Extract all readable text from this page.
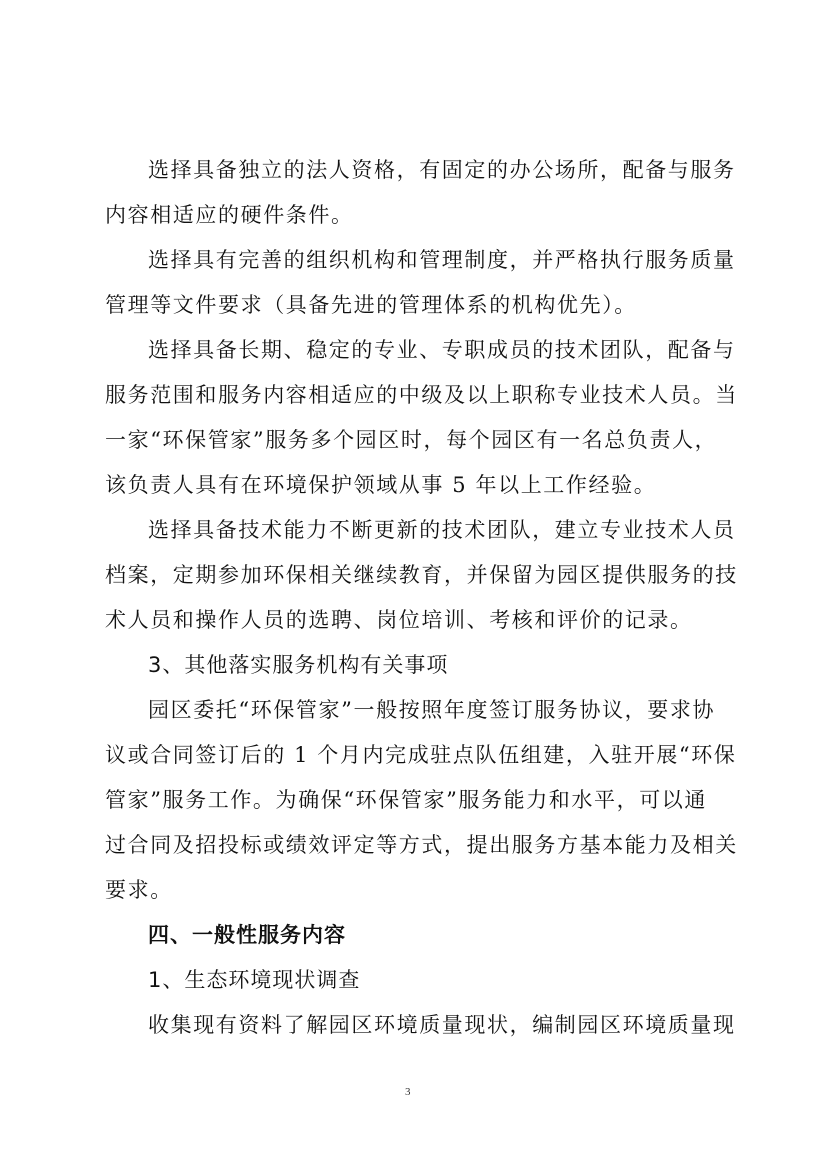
选择具备独立的法人资格，有固定的办公场所，配备与服务
内容相适应的硬件条件。
选择具有完善的组织机构和管理制度，并严格执行服务质量
管理等文件要求（具备先进的管理体系的机构优先）。
选择具备长期、稳定的专业、专职成员的技术团队，配备与
服务范围和服务内容相适应的中级及以上职称专业技术人员。当
一家“环保管家”服务多个园区时，每个园区有一名总负责人，
该负责人具有在环境保护领域从事 5 年以上工作经验。
选择具备技术能力不断更新的技术团队，建立专业技术人员
档案，定期参加环保相关继续教育，并保留为园区提供服务的技
术人员和操作人员的选聘、岗位培训、考核和评价的记录。
3、其他落实服务机构有关事项
园区委托“环保管家”一般按照年度签订服务协议，要求协
议或合同签订后的 1 个月内完成驻点队伍组建，入驻开展“环保
管家”服务工作。为确保“环保管家”服务能力和水平，可以通
过合同及招投标或绩效评定等方式，提出服务方基本能力及相关
要求。
四、一般性服务内容
1、生态环境现状调查
收集现有资料了解园区环境质量现状，编制园区环境质量现
3
